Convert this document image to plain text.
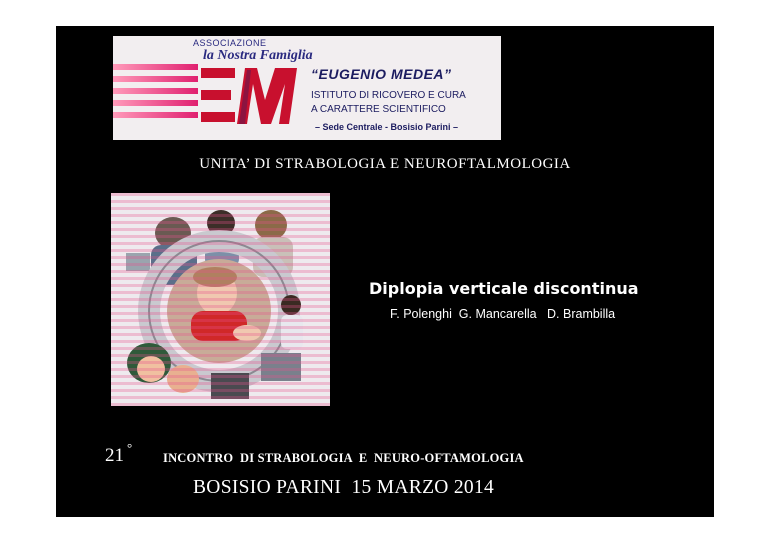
ASSOCIAZIONE
la Nostra Famiglia
“EUGENIO MEDEA”
ISTITUTO DI RICOVERO E CURA
A CARATTERE SCIENTIFICO
– Sede Centrale - Bosisio Parini –
UNITA’ DI STRABOLOGIA E NEUROFTALMOLOGIA
Diplopia verticale discontinua
F. Polenghi  G. Mancarella   D. Brambilla
21 °
INCONTRO  DI STRABOLOGIA  E  NEURO-OFTAMOLOGIA
BOSISIO PARINI  15 MARZO 2014
